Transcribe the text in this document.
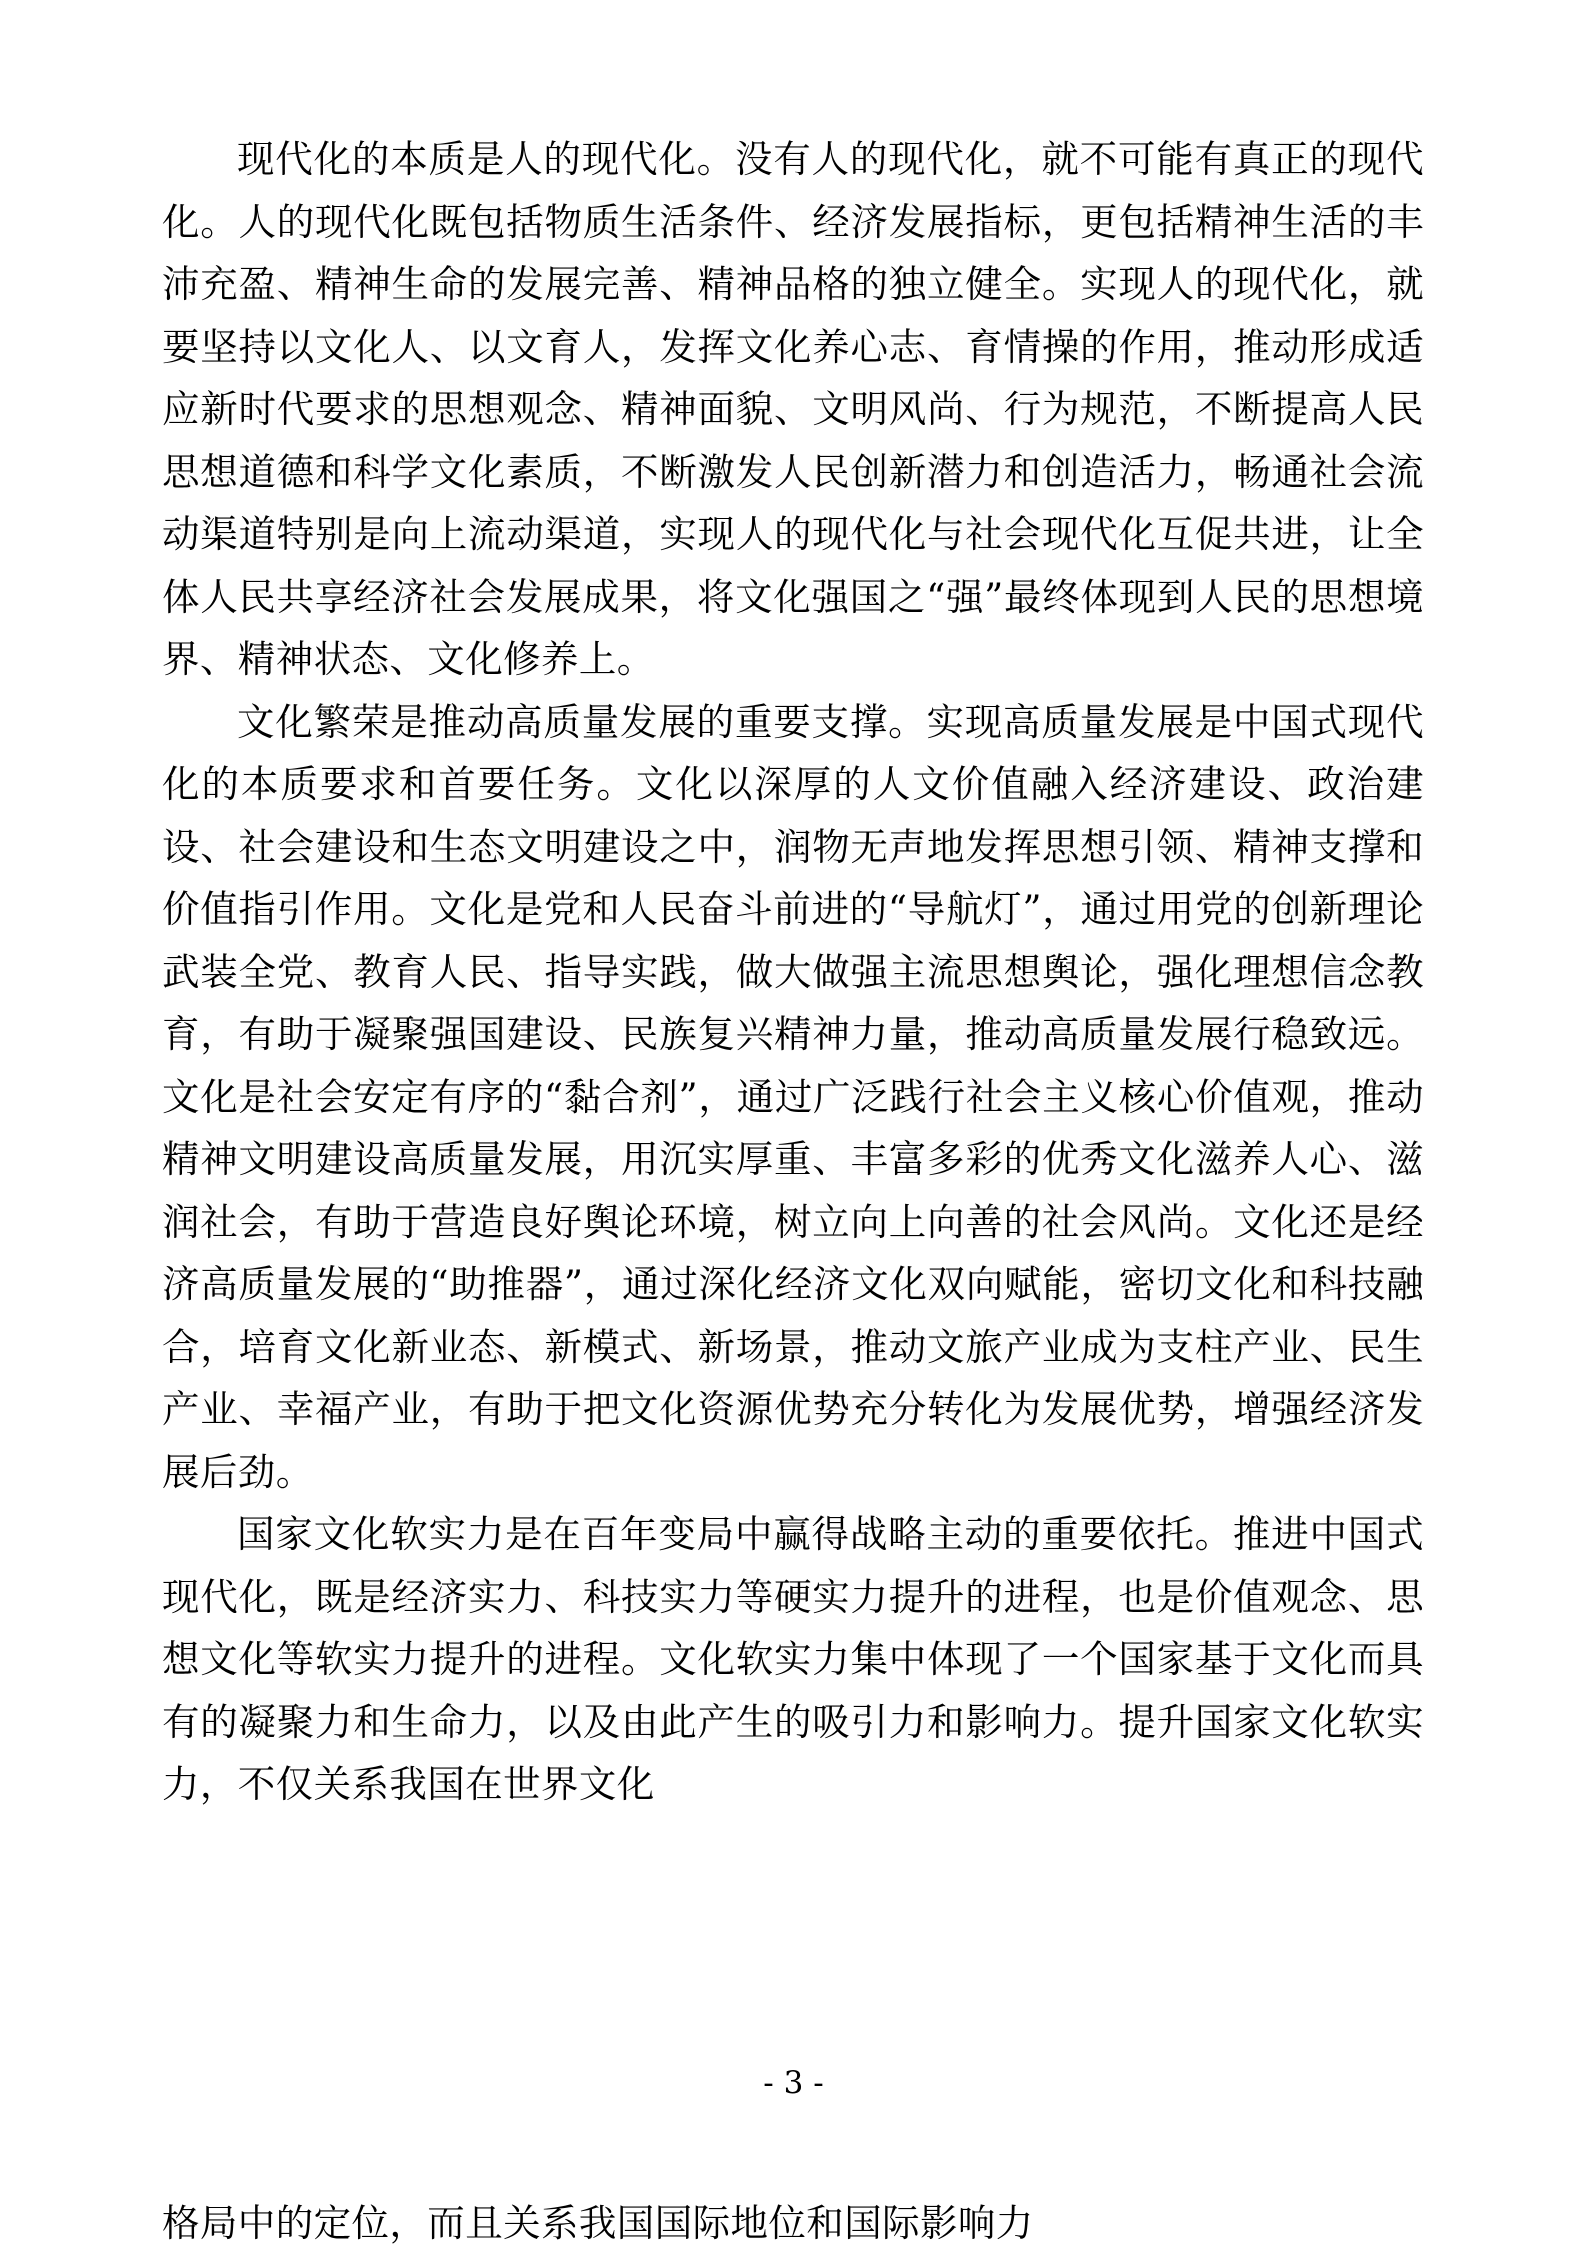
现代化的本质是人的现代化。没有人的现代化，就不可能有真正的现代化。人的现代化既包括物质生活条件、经济发展指标，更包括精神生活的丰沛充盈、精神生命的发展完善、精神品格的独立健全。实现人的现代化，就要坚持以文化人、以文育人，发挥文化养心志、育情操的作用，推动形成适应新时代要求的思想观念、精神面貌、文明风尚、行为规范，不断提高人民思想道德和科学文化素质，不断激发人民创新潜力和创造活力，畅通社会流动渠道特别是向上流动渠道，实现人的现代化与社会现代化互促共进，让全体人民共享经济社会发展成果，将文化强国之“强”最终体现到人民的思想境界、精神状态、文化修养上。

文化繁荣是推动高质量发展的重要支撑。实现高质量发展是中国式现代化的本质要求和首要任务。文化以深厚的人文价值融入经济建设、政治建设、社会建设和生态文明建设之中，润物无声地发挥思想引领、精神支撑和价值指引作用。文化是党和人民奋斗前进的“导航灯”，通过用党的创新理论武装全党、教育人民、指导实践，做大做强主流思想舆论，强化理想信念教育，有助于凝聚强国建设、民族复兴精神力量，推动高质量发展行稳致远。文化是社会安定有序的“黏合剂”，通过广泛践行社会主义核心价值观，推动精神文明建设高质量发展，用沉实厚重、丰富多彩的优秀文化滋养人心、滋润社会，有助于营造良好舆论环境，树立向上向善的社会风尚。文化还是经济高质量发展的“助推器”，通过深化经济文化双向赋能，密切文化和科技融合，培育文化新业态、新模式、新场景，推动文旅产业成为支柱产业、民生产业、幸福产业，有助于把文化资源优势充分转化为发展优势，增强经济发展后劲。

国家文化软实力是在百年变局中赢得战略主动的重要依托。推进中国式现代化，既是经济实力、科技实力等硬实力提升的进程，也是价值观念、思想文化等软实力提升的进程。文化软实力集中体现了一个国家基于文化而具有的凝聚力和生命力，以及由此产生的吸引力和影响力。提升国家文化软实力，不仅关系我国在世界文化

- 3 -
格局中的定位，而且关系我国国际地位和国际影响力
